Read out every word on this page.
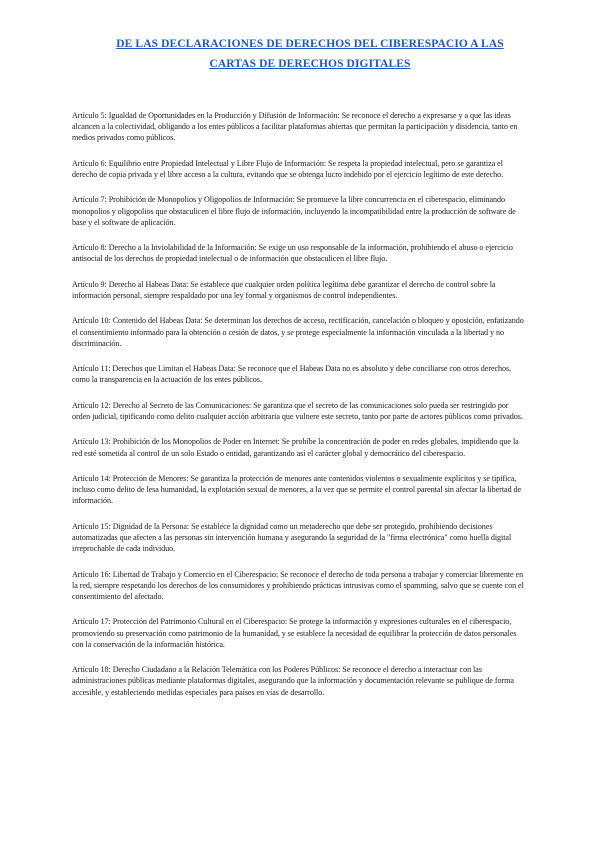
DE LAS DECLARACIONES DE DERECHOS DEL CIBERESPACIO A LAS
CARTAS DE DERECHOS DIGITALES

Artículo 5: Igualdad de Oportunidades en la Producción y Difusión de Información: Se reconoce el derecho a expresarse y a que las ideas alcancen a la colectividad, obligando a los entes públicos a facilitar plataformas abiertas que permitan la participación y disidencia, tanto en medios privados como públicos.

Artículo 6: Equilibrio entre Propiedad Intelectual y Libre Flujo de Información: Se respeta la propiedad intelectual, pero se garantiza el derecho de copia privada y el libre acceso a la cultura, evitando que se obtenga lucro indebido por el ejercicio legítimo de este derecho.

Artículo 7: Prohibición de Monopolios y Oligopolios de Información: Se promueve la libre concurrencia en el ciberespacio, eliminando monopolios y oligopolios que obstaculicen el libre flujo de información, incluyendo la incompatibilidad entre la producción de software de base y el software de aplicación.

Artículo 8: Derecho a la Inviolabilidad de la Información: Se exige un uso responsable de la información, prohibiendo el abuso o ejercicio antisocial de los derechos de propiedad intelectual o de información que obstaculicen el libre flujo.

Artículo 9: Derecho al Habeas Data: Se establece que cualquier orden política legítima debe garantizar el derecho de control sobre la información personal, siempre respaldado por una ley formal y organismos de control independientes.

Artículo 10: Contenido del Habeas Data: Se determinan los derechos de acceso, rectificación, cancelación o bloqueo y oposición, enfatizando el consentimiento informado para la obtención o cesión de datos, y se protege especialmente la información vinculada a la libertad y no discriminación.

Artículo 11: Derechos que Limitan el Habeas Data: Se reconoce que el Habeas Data no es absoluto y debe conciliarse con otros derechos, como la transparencia en la actuación de los entes públicos.

Artículo 12: Derecho al Secreto de las Comunicaciones: Se garantiza que el secreto de las comunicaciones solo pueda ser restringido por orden judicial, tipificando como delito cualquier acción arbitraria que vulnere este secreto, tanto por parte de actores públicos como privados.

Artículo 13: Prohibición de los Monopolios de Poder en Internet: Se prohíbe la concentración de poder en redes globales, impidiendo que la red esté sometida al control de un solo Estado o entidad, garantizando así el carácter global y democrático del ciberespacio.

Artículo 14: Protección de Menores: Se garantiza la protección de menores ante contenidos violentos o sexualmente explícitos y se tipifica, incluso como delito de lesa humanidad, la explotación sexual de menores, a la vez que se permite el control parental sin afectar la libertad de información.

Artículo 15: Dignidad de la Persona: Se establece la dignidad como un metaderecho que debe ser protegido, prohibiendo decisiones automatizadas que afecten a las personas sin intervención humana y asegurando la seguridad de la "firma electrónica" como huella digital irreprochable de cada individuo.

Artículo 16: Libertad de Trabajo y Comercio en el Ciberespacio: Se reconoce el derecho de toda persona a trabajar y comerciar libremente en la red, siempre respetando los derechos de los consumidores y prohibiendo prácticas intrusivas como el spamming, salvo que se cuente con el consentimiento del afectado.

Artículo 17: Protección del Patrimonio Cultural en el Ciberespacio: Se protege la información y expresiones culturales en el ciberespacio, promoviendo su preservación como patrimonio de la humanidad, y se establece la necesidad de equilibrar la protección de datos personales con la conservación de la información histórica.

Artículo 18: Derecho Ciudadano a la Relación Telemática con los Poderes Públicos: Se reconoce el derecho a interactuar con las administraciones públicas mediante plataformas digitales, asegurando que la información y documentación relevante se publique de forma accesible, y estableciendo medidas especiales para países en vías de desarrollo.
